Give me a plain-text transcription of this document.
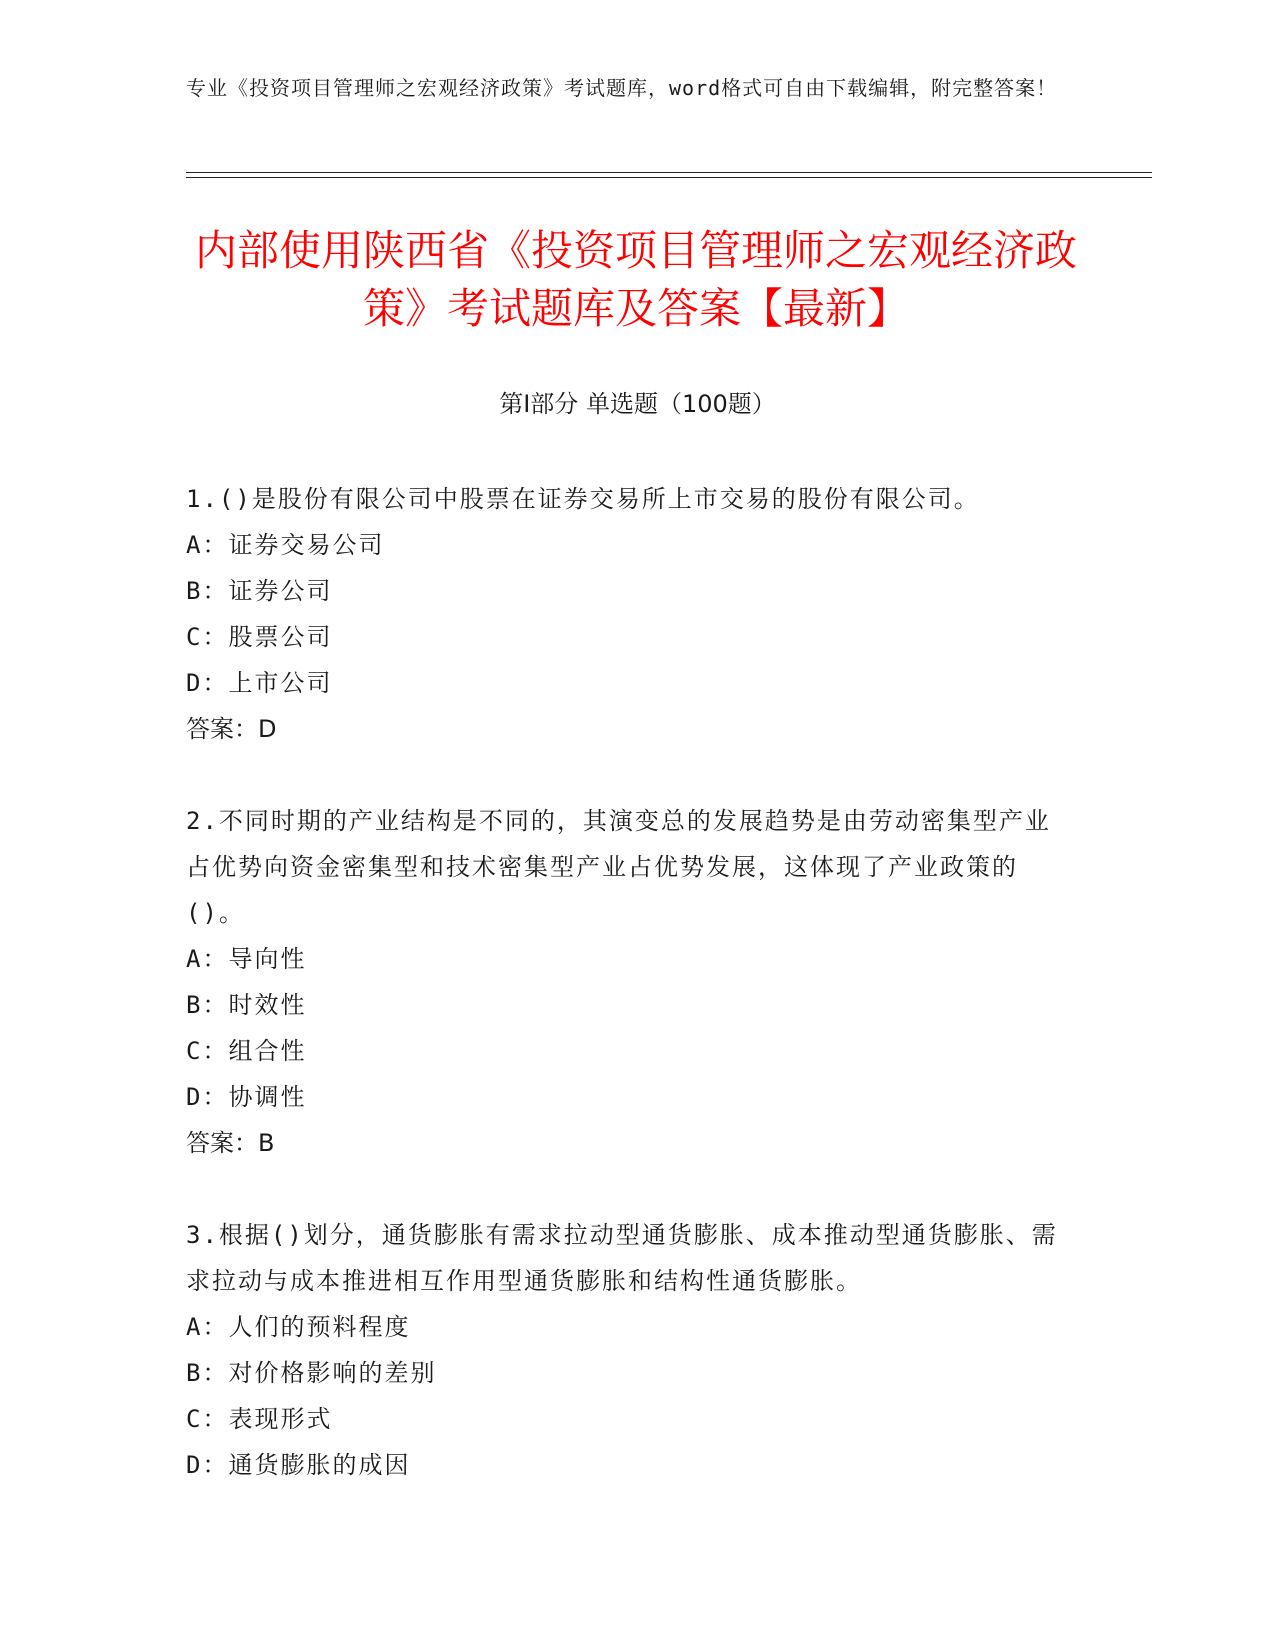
专业《投资项目管理师之宏观经济政策》考试题库，word格式可自由下载编辑，附完整答案！
内部使用陕西省《投资项目管理师之宏观经济政策》考试题库及答案【最新】
第Ⅰ部分 单选题（100题）

1.()是股份有限公司中股票在证券交易所上市交易的股份有限公司。

A：证券交易公司

B：证券公司

C：股票公司

D：上市公司

答案：D

2.不同时期的产业结构是不同的，其演变总的发展趋势是由劳动密集型产业占优势向资金密集型和技术密集型产业占优势发展，这体现了产业政策的()。

A：导向性

B：时效性

C：组合性

D：协调性

答案：B

3.根据()划分，通货膨胀有需求拉动型通货膨胀、成本推动型通货膨胀、需求拉动与成本推进相互作用型通货膨胀和结构性通货膨胀。

A：人们的预料程度

B：对价格影响的差别

C：表现形式

D：通货膨胀的成因
